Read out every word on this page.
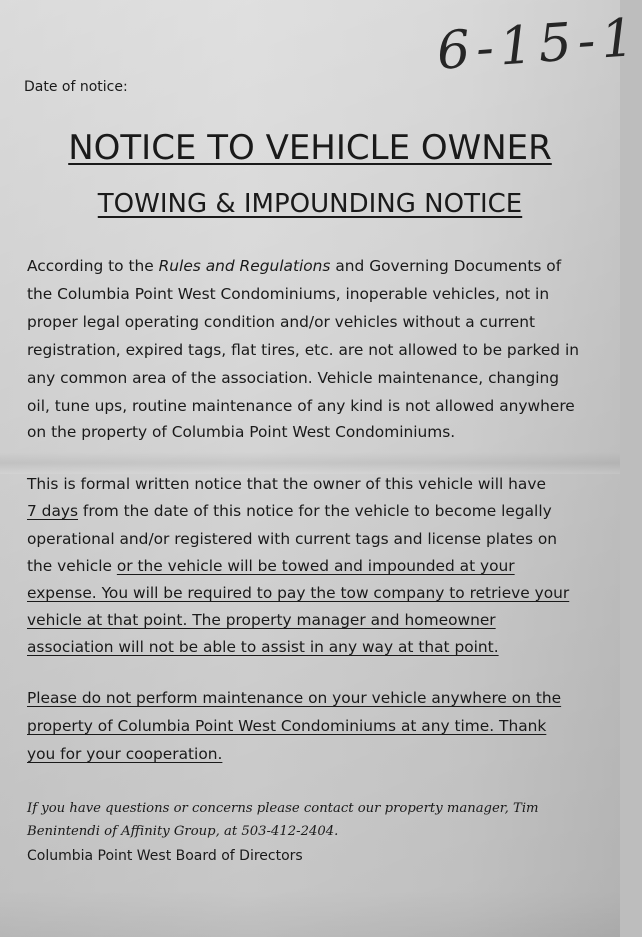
Date of notice:
6-15-1
NOTICE TO VEHICLE OWNER
TOWING & IMPOUNDING NOTICE
According to the Rules and Regulations and Governing Documents of
the Columbia Point West Condominiums, inoperable vehicles, not in
proper legal operating condition and/or vehicles without a current
registration, expired tags, flat tires, etc. are not allowed to be parked in
any common area of the association. Vehicle maintenance, changing
oil, tune ups, routine maintenance of any kind is not allowed anywhere
on the property of Columbia Point West Condominiums.
This is formal written notice that the owner of this vehicle will have
7 days from the date of this notice for the vehicle to become legally
operational and/or registered with current tags and license plates on
the vehicle or the vehicle will be towed and impounded at your
expense. You will be required to pay the tow company to retrieve your
vehicle at that point. The property manager and homeowner
association will not be able to assist in any way at that point.
Please do not perform maintenance on your vehicle anywhere on the
property of Columbia Point West Condominiums at any time. Thank
you for your cooperation.
If you have questions or concerns please contact our property manager, Tim
Benintendi of Affinity Group, at 503-412-2404.
Columbia Point West Board of Directors
